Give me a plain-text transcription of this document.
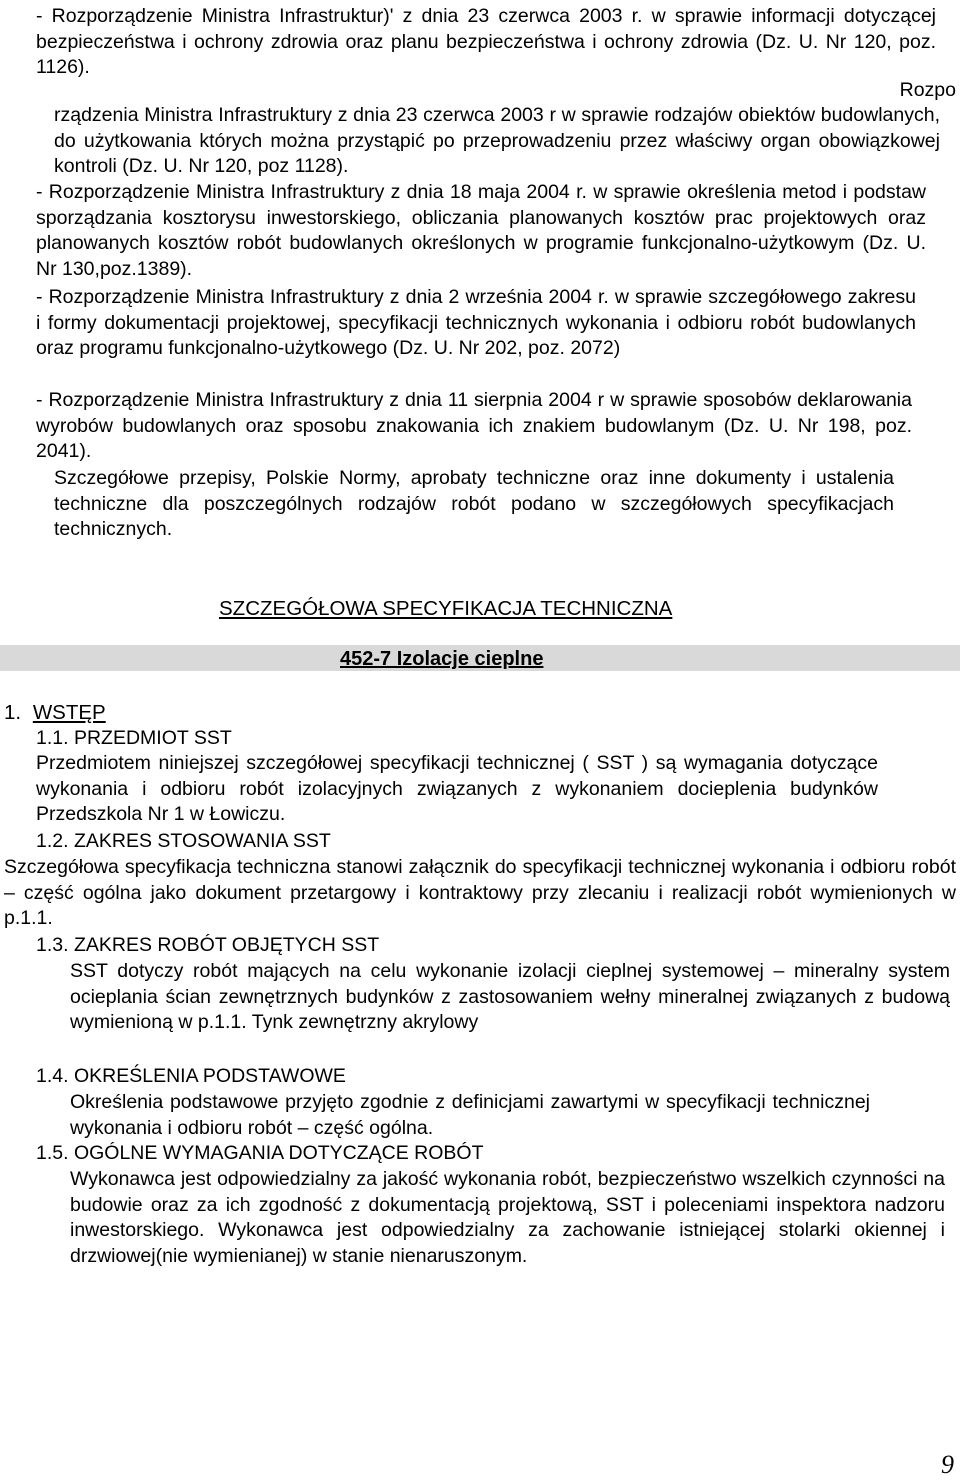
- Rozporządzenie Ministra Infrastruktur)' z dnia 23 czerwca 2003 r. w sprawie informacji dotyczącej bezpieczeństwa i ochrony zdrowia oraz planu bezpieczeństwa i ochrony zdrowia (Dz. U. Nr 120, poz. 1126).

Rozpo

rządzenia Ministra Infrastruktury z dnia 23 czerwca 2003 r w sprawie rodzajów obiektów budowlanych, do użytkowania których można przystąpić po przeprowadzeniu przez właściwy organ obowiązkowej kontroli (Dz. U. Nr 120, poz 1128).

- Rozporządzenie Ministra Infrastruktury z dnia 18 maja 2004 r. w sprawie określenia metod i podstaw sporządzania kosztorysu inwestorskiego, obliczania planowanych kosztów prac projektowych oraz planowanych kosztów robót budowlanych określonych w programie funkcjonalno-użytkowym (Dz. U. Nr 130,poz.1389).

- Rozporządzenie Ministra Infrastruktury z dnia 2 września 2004 r. w sprawie szczegółowego zakresu i formy dokumentacji projektowej, specyfikacji technicznych wykonania i odbioru robót budowlanych oraz programu funkcjonalno-użytkowego (Dz. U. Nr 202, poz. 2072)

- Rozporządzenie Ministra Infrastruktury z dnia 11 sierpnia 2004 r w sprawie sposobów deklarowania wyrobów budowlanych oraz sposobu znakowania ich znakiem budowlanym (Dz. U. Nr 198, poz. 2041).

Szczegółowe przepisy, Polskie Normy, aprobaty techniczne oraz inne dokumenty i ustalenia techniczne dla poszczególnych rodzajów robót podano w szczegółowych specyfikacjach technicznych.

SZCZEGÓŁOWA SPECYFIKACJA TECHNICZNA

452-7 Izolacje cieplne

1. WSTĘP

1.1. PRZEDMIOT SST

Przedmiotem niniejszej szczegółowej specyfikacji technicznej ( SST ) są wymagania dotyczące wykonania i odbioru robót izolacyjnych związanych z wykonaniem docieplenia budynków Przedszkola Nr 1 w Łowiczu.

1.2. ZAKRES STOSOWANIA SST

Szczegółowa specyfikacja techniczna stanowi załącznik do specyfikacji technicznej wykonania i odbioru robót – część ogólna jako dokument przetargowy i kontraktowy przy zlecaniu i realizacji robót wymienionych w p.1.1.

1.3. ZAKRES ROBÓT OBJĘTYCH SST

SST dotyczy robót mających na celu wykonanie izolacji cieplnej systemowej – mineralny system ocieplania ścian zewnętrznych budynków z zastosowaniem wełny mineralnej związanych z budową wymienioną w p.1.1. Tynk zewnętrzny akrylowy

1.4. OKREŚLENIA PODSTAWOWE

Określenia podstawowe przyjęto zgodnie z definicjami zawartymi w specyfikacji technicznej wykonania i odbioru robót – część ogólna.

1.5. OGÓLNE WYMAGANIA DOTYCZĄCE ROBÓT

Wykonawca jest odpowiedzialny za jakość wykonania robót, bezpieczeństwo wszelkich czynności na budowie oraz za ich zgodność z dokumentacją projektową, SST i poleceniami inspektora nadzoru inwestorskiego. Wykonawca jest odpowiedzialny za zachowanie istniejącej stolarki okiennej i drzwiowej(nie wymienianej) w stanie nienaruszonym.

9
